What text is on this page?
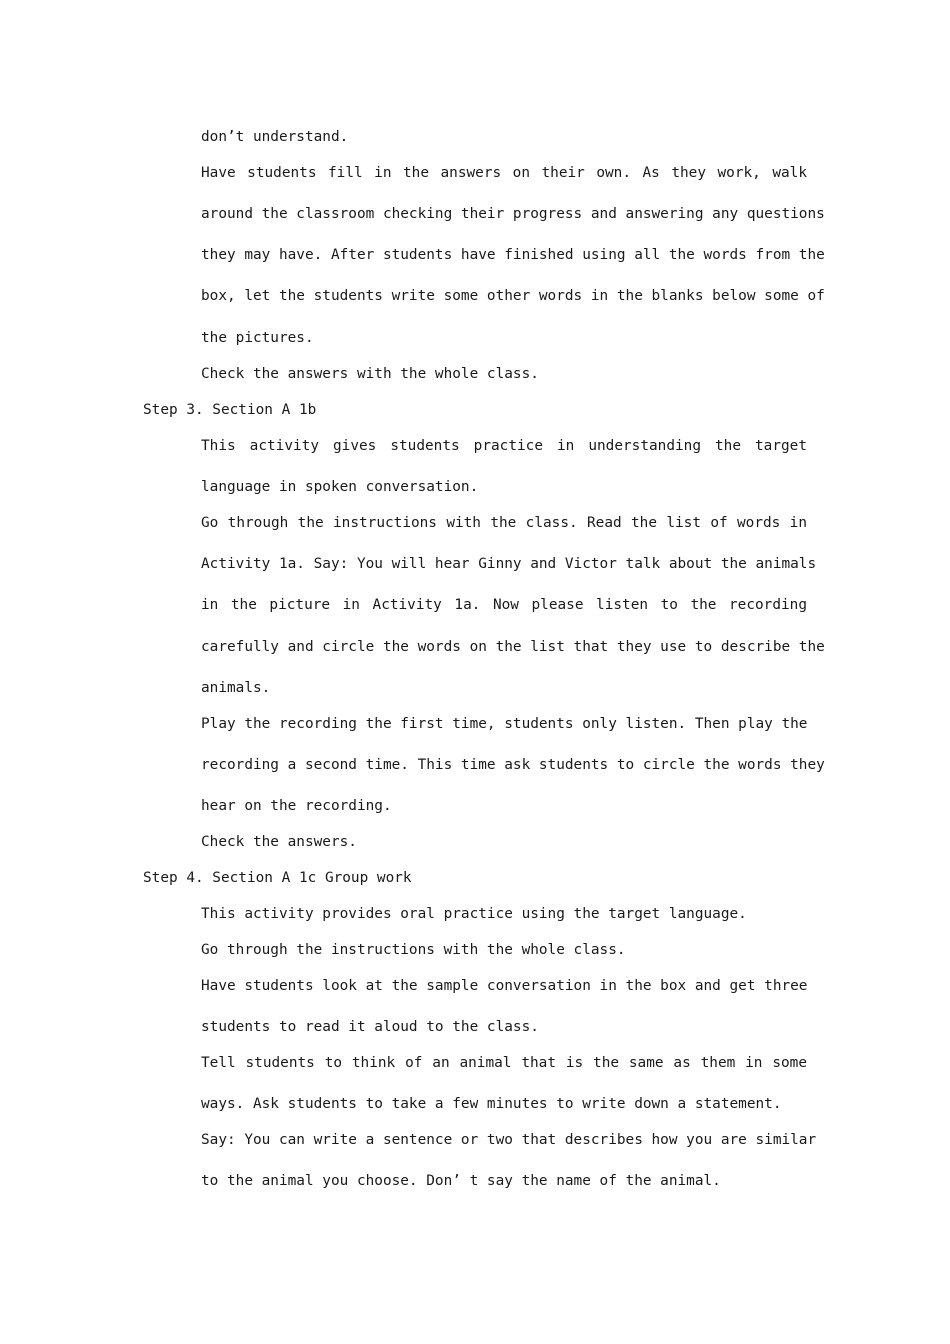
don’t understand.
Have students fill in the answers on their own. As they work, walk
around the classroom checking their progress and answering any questions
they may have. After students have finished using all the words from the
box, let the students write some other words in the blanks below some of
the pictures.
Check the answers with the whole class.
Step 3. Section A 1b
This activity gives students practice in understanding the target
language in spoken conversation.
Go through the instructions with the class. Read the list of words in
Activity 1a. Say: You will hear Ginny and Victor talk about the animals
in the picture in Activity 1a. Now please listen to the recording
carefully and circle the words on the list that they use to describe the
animals.
Play the recording the first time, students only listen. Then play the
recording a second time. This time ask students to circle the words they
hear on the recording.
Check the answers.
Step 4. Section A 1c Group work
This activity provides oral practice using the target language.
Go through the instructions with the whole class.
Have students look at the sample conversation in the box and get three
students to read it aloud to the class.
Tell students to think of an animal that is the same as them in some
ways. Ask students to take a few minutes to write down a statement.
Say: You can write a sentence or two that describes how you are similar
to the animal you choose. Don’ t say the name of the animal.
